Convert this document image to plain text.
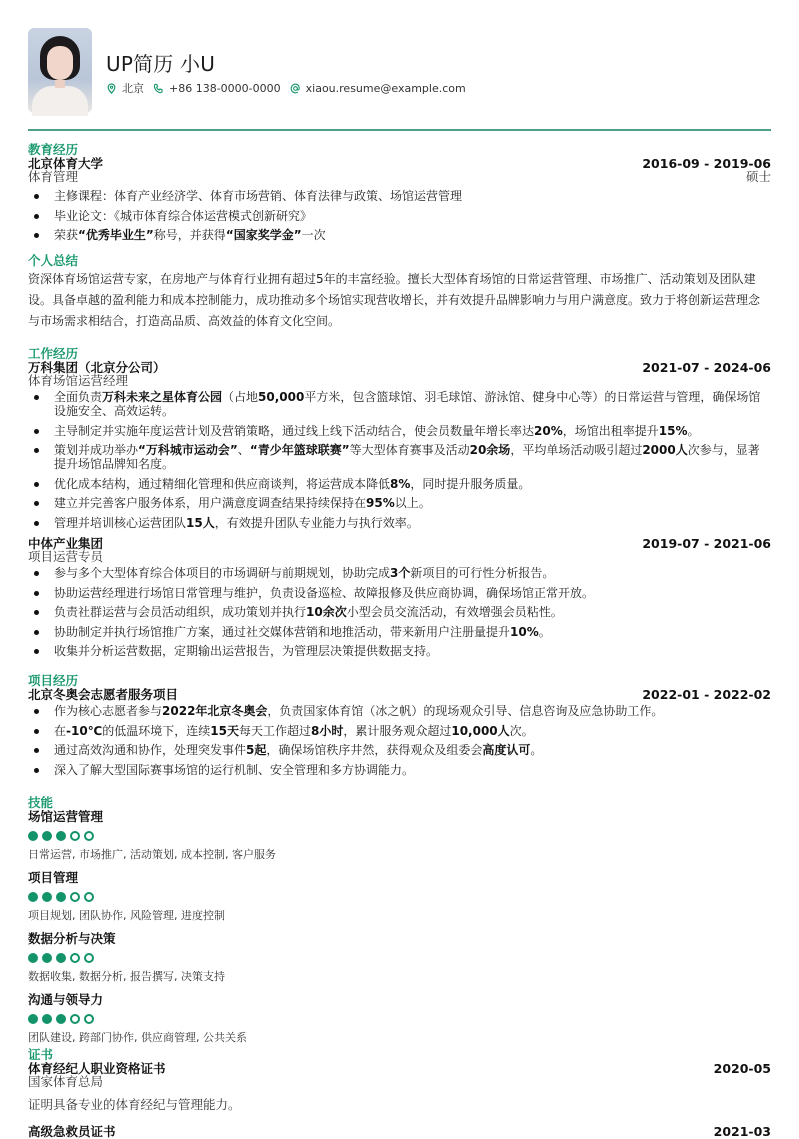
UP简历 小U
北京 +86 138-0000-0000 xiaou.resume@example.com
教育经历
北京体育大学	2016-09 - 2019-06
体育管理	硕士
主修课程：体育产业经济学、体育市场营销、体育法律与政策、场馆运营管理
毕业论文：《城市体育综合体运营模式创新研究》
荣获“优秀毕业生”称号，并获得“国家奖学金”一次
个人总结
资深体育场馆运营专家，在房地产与体育行业拥有超过5年的丰富经验。擅长大型体育场馆的日常运营管理、市场推广、活动策划及团队建设。具备卓越的盈利能力和成本控制能力，成功推动多个场馆实现营收增长，并有效提升品牌影响力与用户满意度。致力于将创新运营理念与市场需求相结合，打造高品质、高效益的体育文化空间。
工作经历
万科集团（北京分公司）	2021-07 - 2024-06
体育场馆运营经理
全面负责万科未来之星体育公园（占地50,000平方米，包含篮球馆、羽毛球馆、游泳馆、健身中心等）的日常运营与管理，确保场馆设施安全、高效运转。
主导制定并实施年度运营计划及营销策略，通过线上线下活动结合，使会员数量年增长率达20%，场馆出租率提升15%。
策划并成功举办“万科城市运动会”、“青少年篮球联赛”等大型体育赛事及活动20余场，平均单场活动吸引超过2000人次参与，显著提升场馆品牌知名度。
优化成本结构，通过精细化管理和供应商谈判，将运营成本降低8%，同时提升服务质量。
建立并完善客户服务体系，用户满意度调查结果持续保持在95%以上。
管理并培训核心运营团队15人，有效提升团队专业能力与执行效率。
中体产业集团	2019-07 - 2021-06
项目运营专员
参与多个大型体育综合体项目的市场调研与前期规划，协助完成3个新项目的可行性分析报告。
协助运营经理进行场馆日常管理与维护，负责设备巡检、故障报修及供应商协调，确保场馆正常开放。
负责社群运营与会员活动组织，成功策划并执行10余次小型会员交流活动，有效增强会员粘性。
协助制定并执行场馆推广方案，通过社交媒体营销和地推活动，带来新用户注册量提升10%。
收集并分析运营数据，定期输出运营报告，为管理层决策提供数据支持。
项目经历
北京冬奥会志愿者服务项目	2022-01 - 2022-02
作为核心志愿者参与2022年北京冬奥会，负责国家体育馆（冰之帆）的现场观众引导、信息咨询及应急协助工作。
在-10℃的低温环境下，连续15天每天工作超过8小时，累计服务观众超过10,000人次。
通过高效沟通和协作，处理突发事件5起，确保场馆秩序井然，获得观众及组委会高度认可。
深入了解大型国际赛事场馆的运行机制、安全管理和多方协调能力。
技能
场馆运营管理
日常运营, 市场推广, 活动策划, 成本控制, 客户服务
项目管理
项目规划, 团队协作, 风险管理, 进度控制
数据分析与决策
数据收集, 数据分析, 报告撰写, 决策支持
沟通与领导力
团队建设, 跨部门协作, 供应商管理, 公共关系
证书
体育经纪人职业资格证书	2020-05
国家体育总局
证明具备专业的体育经纪与管理能力。
高级急救员证书	2021-03
